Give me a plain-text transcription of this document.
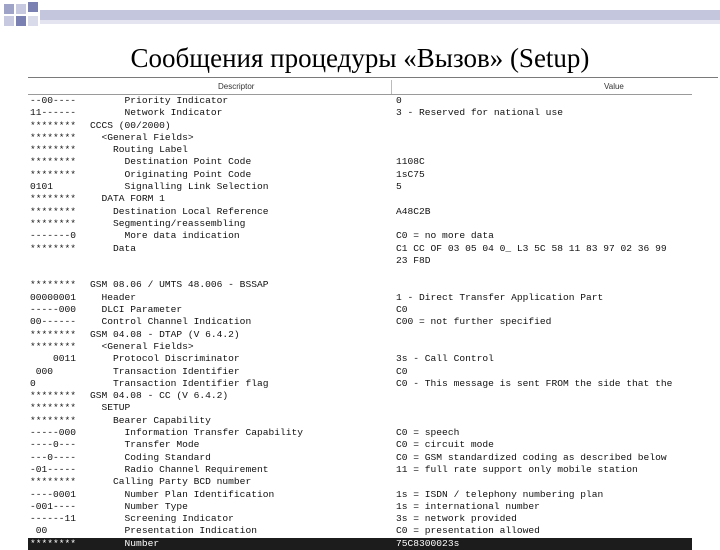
Сообщения процедуры «Вызов» (Setup)
Descriptor	Value
--00---- Priority Indicator	0
11------ Network Indicator	3 - Reserved for national use
******** CCCS (00/2000)
******** <General Fields>
******** Routing Label
******** Destination Point Code	1108C
******** Originating Point Code	1sC75
0101	Signalling Link Selection	5
******** DATA FORM 1
******** Destination Local Reference	A48C2B
******** Segmenting/reassembling
-------0 More data indication	C0 = no more data
******** Data	C1 CC OF 03 05 04 0_ L3 5C 58 11 83 97 02 36 99
23 F8D
******** GSM 08.06 / UMTS 48.006 - BSSAP
00000001 Header	1 - Direct Transfer Application Part
-----000 DLCI Parameter	C0
00------ Control Channel Indication	C00 = not further specified
******** GSM 04.08 - DTAP (V 6.4.2)
******** <General Fields>
0011 Protocol Discriminator	3s - Call Control
000	Transaction Identifier	C0
0	Transaction Identifier flag	C0 - This message is sent FROM the side that the
******** GSM 04.08 - CC (V 6.4.2)
******** SETUP
******** Bearer Capability
-----000 Information Transfer Capability	C0 = speech
----0--- Transfer Mode	C0 = circuit mode
---0---- Coding Standard	C0 = GSM standardized coding as described below
-01----- Radio Channel Requirement	11 = full rate support only mobile station
******** Calling Party BCD number
----0001 Number Plan Identification	1s = ISDN / telephony numbering plan
-001---- Number Type	1s = international number
------11 Screening Indicator	3s = network provided
00	Presentation Indication	C0 = presentation allowed
******** Number	75C8300023s
